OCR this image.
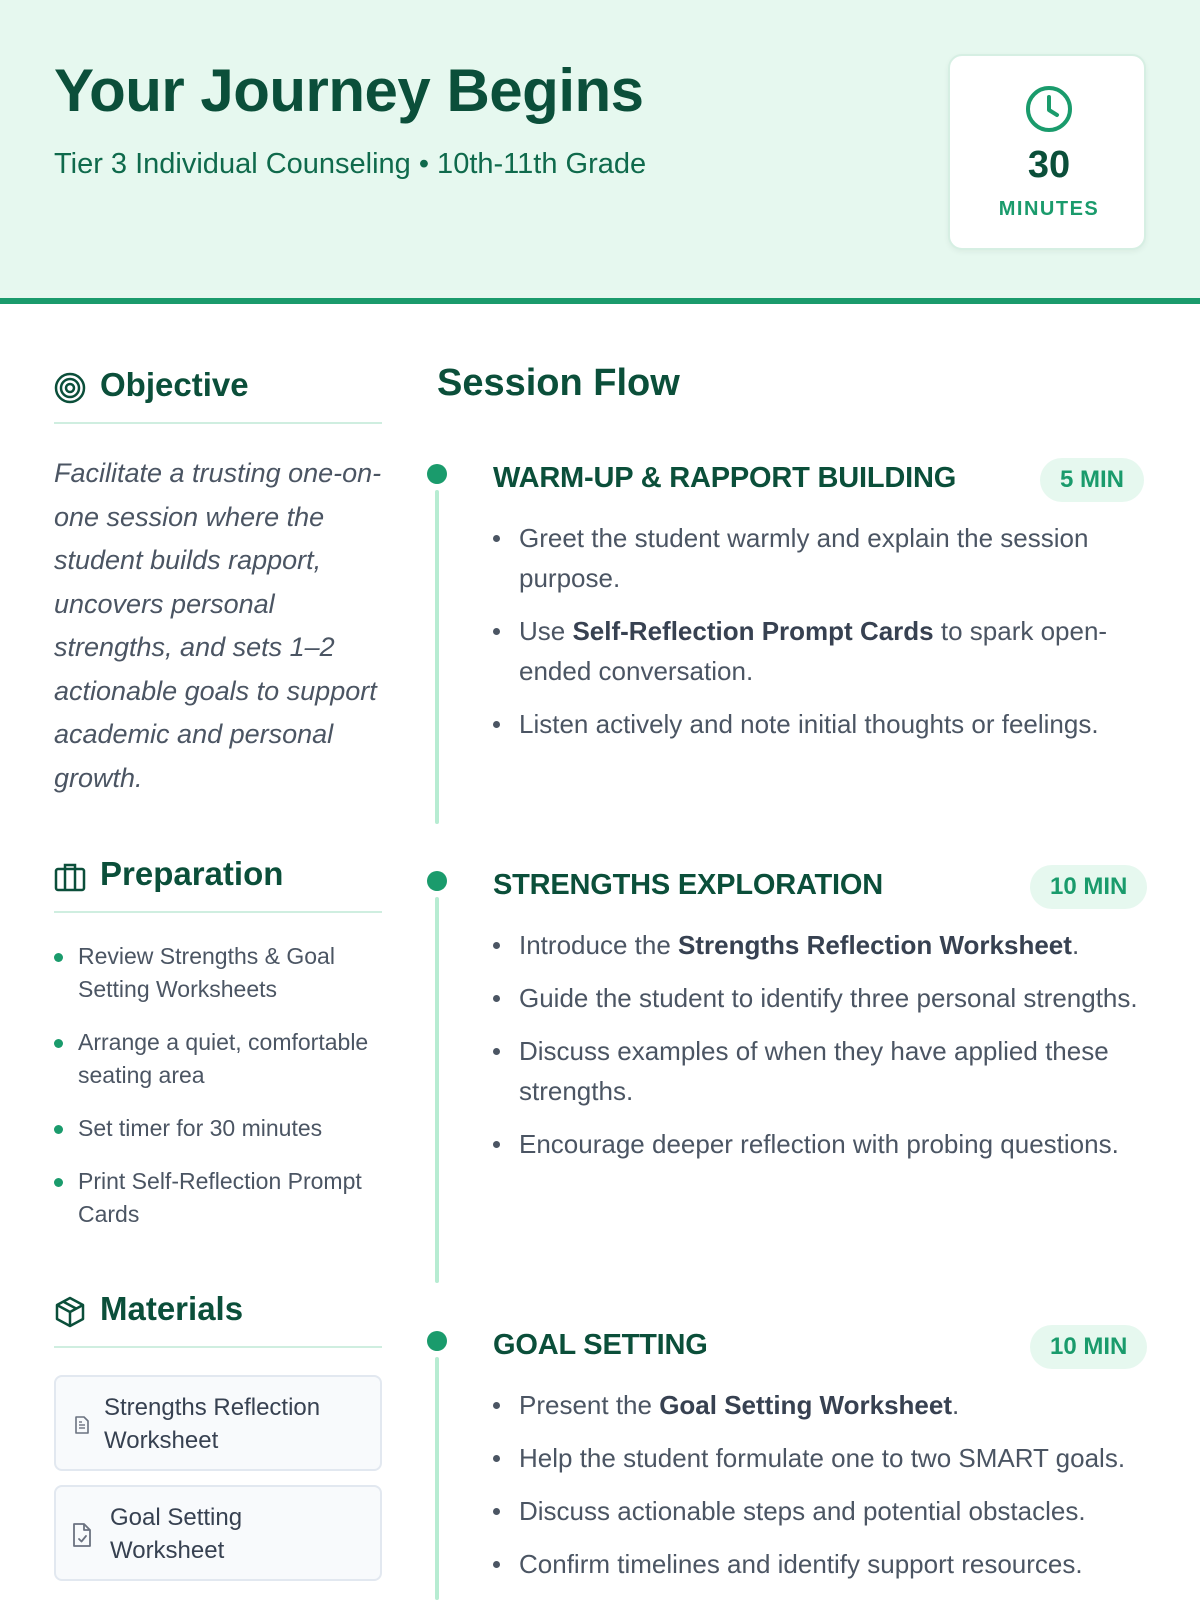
Your Journey Begins
Tier 3 Individual Counseling • 10th-11th Grade	30
MINUTES
Objective
Facilitate a trusting one-on-one session where the student builds rapport, uncovers personal strengths, and sets 1–2 actionable goals to support academic and personal growth.
Preparation
Review Strengths & Goal Setting Worksheets
Arrange a quiet, comfortable seating area
Set timer for 30 minutes
Print Self-Reflection Prompt Cards
Materials
Strengths Reflection Worksheet
Goal Setting Worksheet
Session Flow
WARM-UP & RAPPORT BUILDING	5 MIN
Greet the student warmly and explain the session purpose.
Use Self-Reflection Prompt Cards to spark open-ended conversation.
Listen actively and note initial thoughts or feelings.
STRENGTHS EXPLORATION	10 MIN
Introduce the Strengths Reflection Worksheet.
Guide the student to identify three personal strengths.
Discuss examples of when they have applied these strengths.
Encourage deeper reflection with probing questions.
GOAL SETTING	10 MIN
Present the Goal Setting Worksheet.
Help the student formulate one to two SMART goals.
Discuss actionable steps and potential obstacles.
Confirm timelines and identify support resources.
